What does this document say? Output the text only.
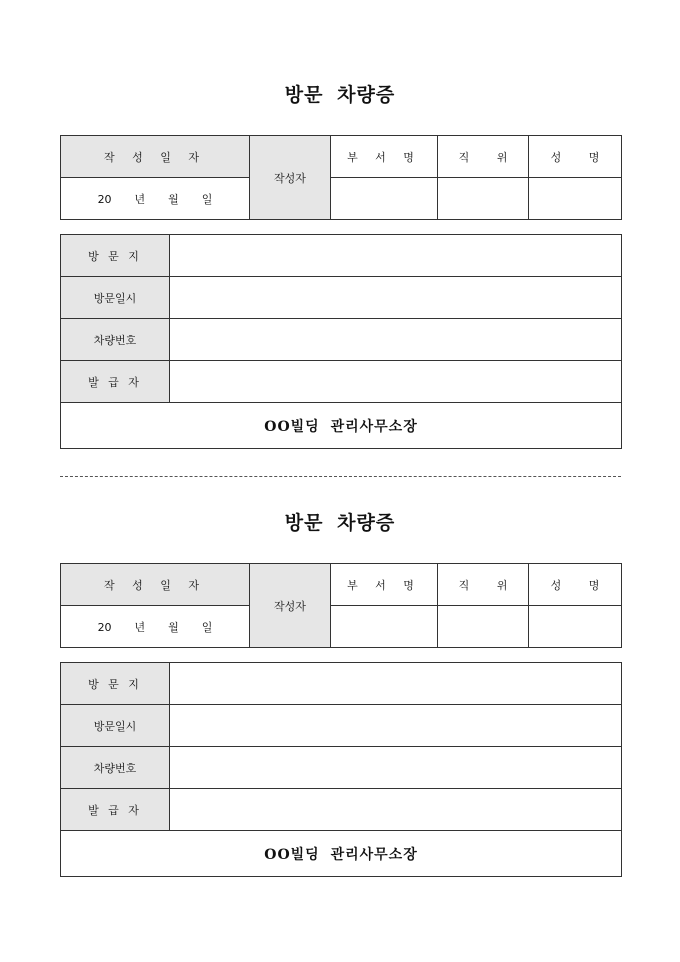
방문 차량증
작 성 일 자	작성자	부 서 명	직 위	성 명
20  년  월  일				
방 문 지	
방문일시	
차량번호	
발 급 자	
OO빌딩 관리사무소장	
방문 차량증
작 성 일 자	작성자	부 서 명	직 위	성 명
20  년  월  일				
방 문 지	
방문일시	
차량번호	
발 급 자	
OO빌딩 관리사무소장	
